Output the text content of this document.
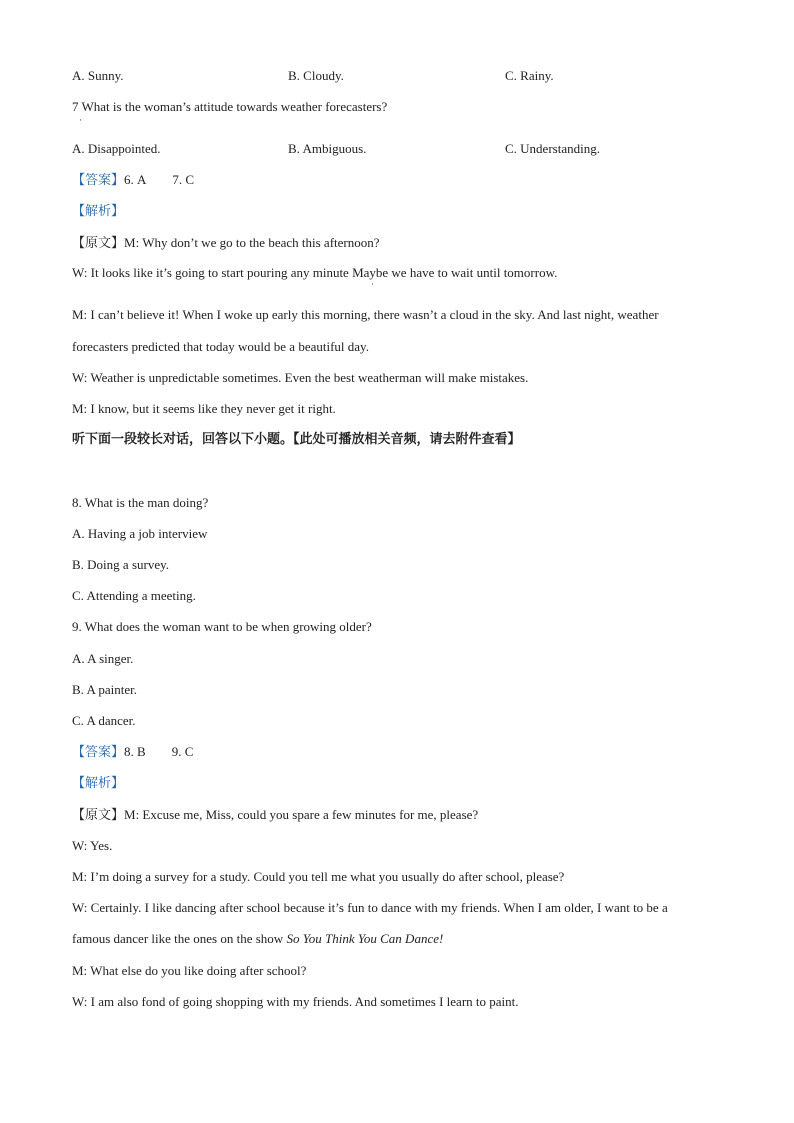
A. Sunny.	B. Cloudy.	C. Rainy.
7 What is the woman’s attitude towards weather forecasters?
·
A. Disappointed.	B. Ambiguous.	C. Understanding.
【答案】6. A 7. C
【解析】
【原文】M: Why don’t we go to the beach this afternoon?
W: It looks like it’s going to start pouring any minute Maybe we have to wait until tomorrow.
·
M: I can’t believe it! When I woke up early this morning, there wasn’t a cloud in the sky. And last night, weather
forecasters predicted that today would be a beautiful day.
W: Weather is unpredictable sometimes. Even the best weatherman will make mistakes.
M: I know, but it seems like they never get it right.
听下面一段较长对话，回答以下小题。【此处可播放相关音频，请去附件查看】
8. What is the man doing?
A. Having a job interview
B. Doing a survey.
C. Attending a meeting.
9. What does the woman want to be when growing older?
A. A singer.
B. A painter.
C. A dancer.
【答案】8. B 9. C
【解析】
【原文】M: Excuse me, Miss, could you spare a few minutes for me, please?
W: Yes.
M: I’m doing a survey for a study. Could you tell me what you usually do after school, please?
W: Certainly. I like dancing after school because it’s fun to dance with my friends. When I am older, I want to be a
famous dancer like the ones on the show So You Think You Can Dance!
M: What else do you like doing after school?
W: I am also fond of going shopping with my friends. And sometimes I learn to paint.
